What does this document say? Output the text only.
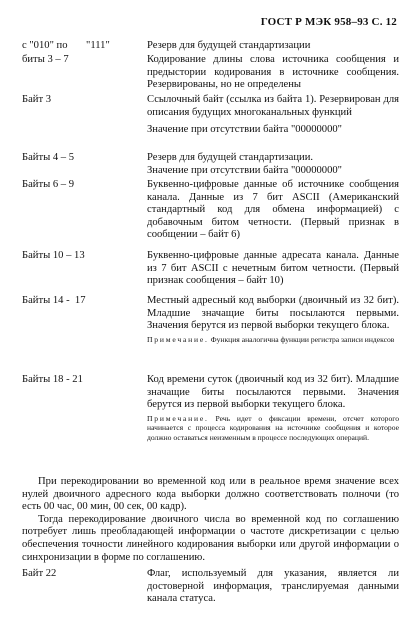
ГОСТ Р МЭК 958–93 С. 12
с "010" по       "111"	Резерв для будущей стандартизации

биты 3 – 7	Кодирование длины слова источника сообщения и предыстории кодирования в источнике сообщения. Резервированы, но не определены

Байт 3	Ссылочный байт (ссылка из байта 1). Резервирован для описания будущих многоканальных функций

Значение при отсутствии байта "00000000"

Байты 4 – 5	Резерв для будущей стандартизации.

Значение при отсутствии байта "00000000"

Байты 6 – 9	Буквенно-цифровые данные об источнике сообщения канала. Данные из 7 бит ASCII (Американский стандартный код для обмена информацией) с добавочным битом четности. (Первый признак в сообщении – байт 6)

Байты 10 – 13	Буквенно-цифровые данные адресата канала. Данные из 7 бит ASCII с нечетным битом четности. (Первый признак сообщения – байт 10)

Байты 14 -  17	Местный адресный код выборки (двоичный из 32 бит). Младшие значащие биты посылаются первыми. Значения берутся из первой выборки текущего блока.

Примечание. Функция аналогична функции регистра записи индексов
Байты 18 - 21	Код времени суток (двоичный код из 32 бит). Младшие значащие биты посылаются первыми. Значения берутся из первой выборки текущего блока.

Примечание. Речь идет о фиксации времени, отсчет которого начинается с процесса кодирования на источнике сообщения и которое должно оставаться неизменным в процессе последующих операций.

При перекодировании во временной код или в реальное время значение всех нулей двоичного адресного кода выборки должно соответствовать полночи (то есть 00 час, 00 мин, 00 сек, 00 кадр).

Тогда перекодирование двоичного числа во временной код по соглашению потребует лишь преобладающей информации о частоте дискретизации с целью обеспечения точности линейного кодирования выборки или другой информации о синхронизации в форме по соглашению.

Байт 22	Флаг, используемый для указания, является ли достоверной информация, транслируемая данными канала статуса.
